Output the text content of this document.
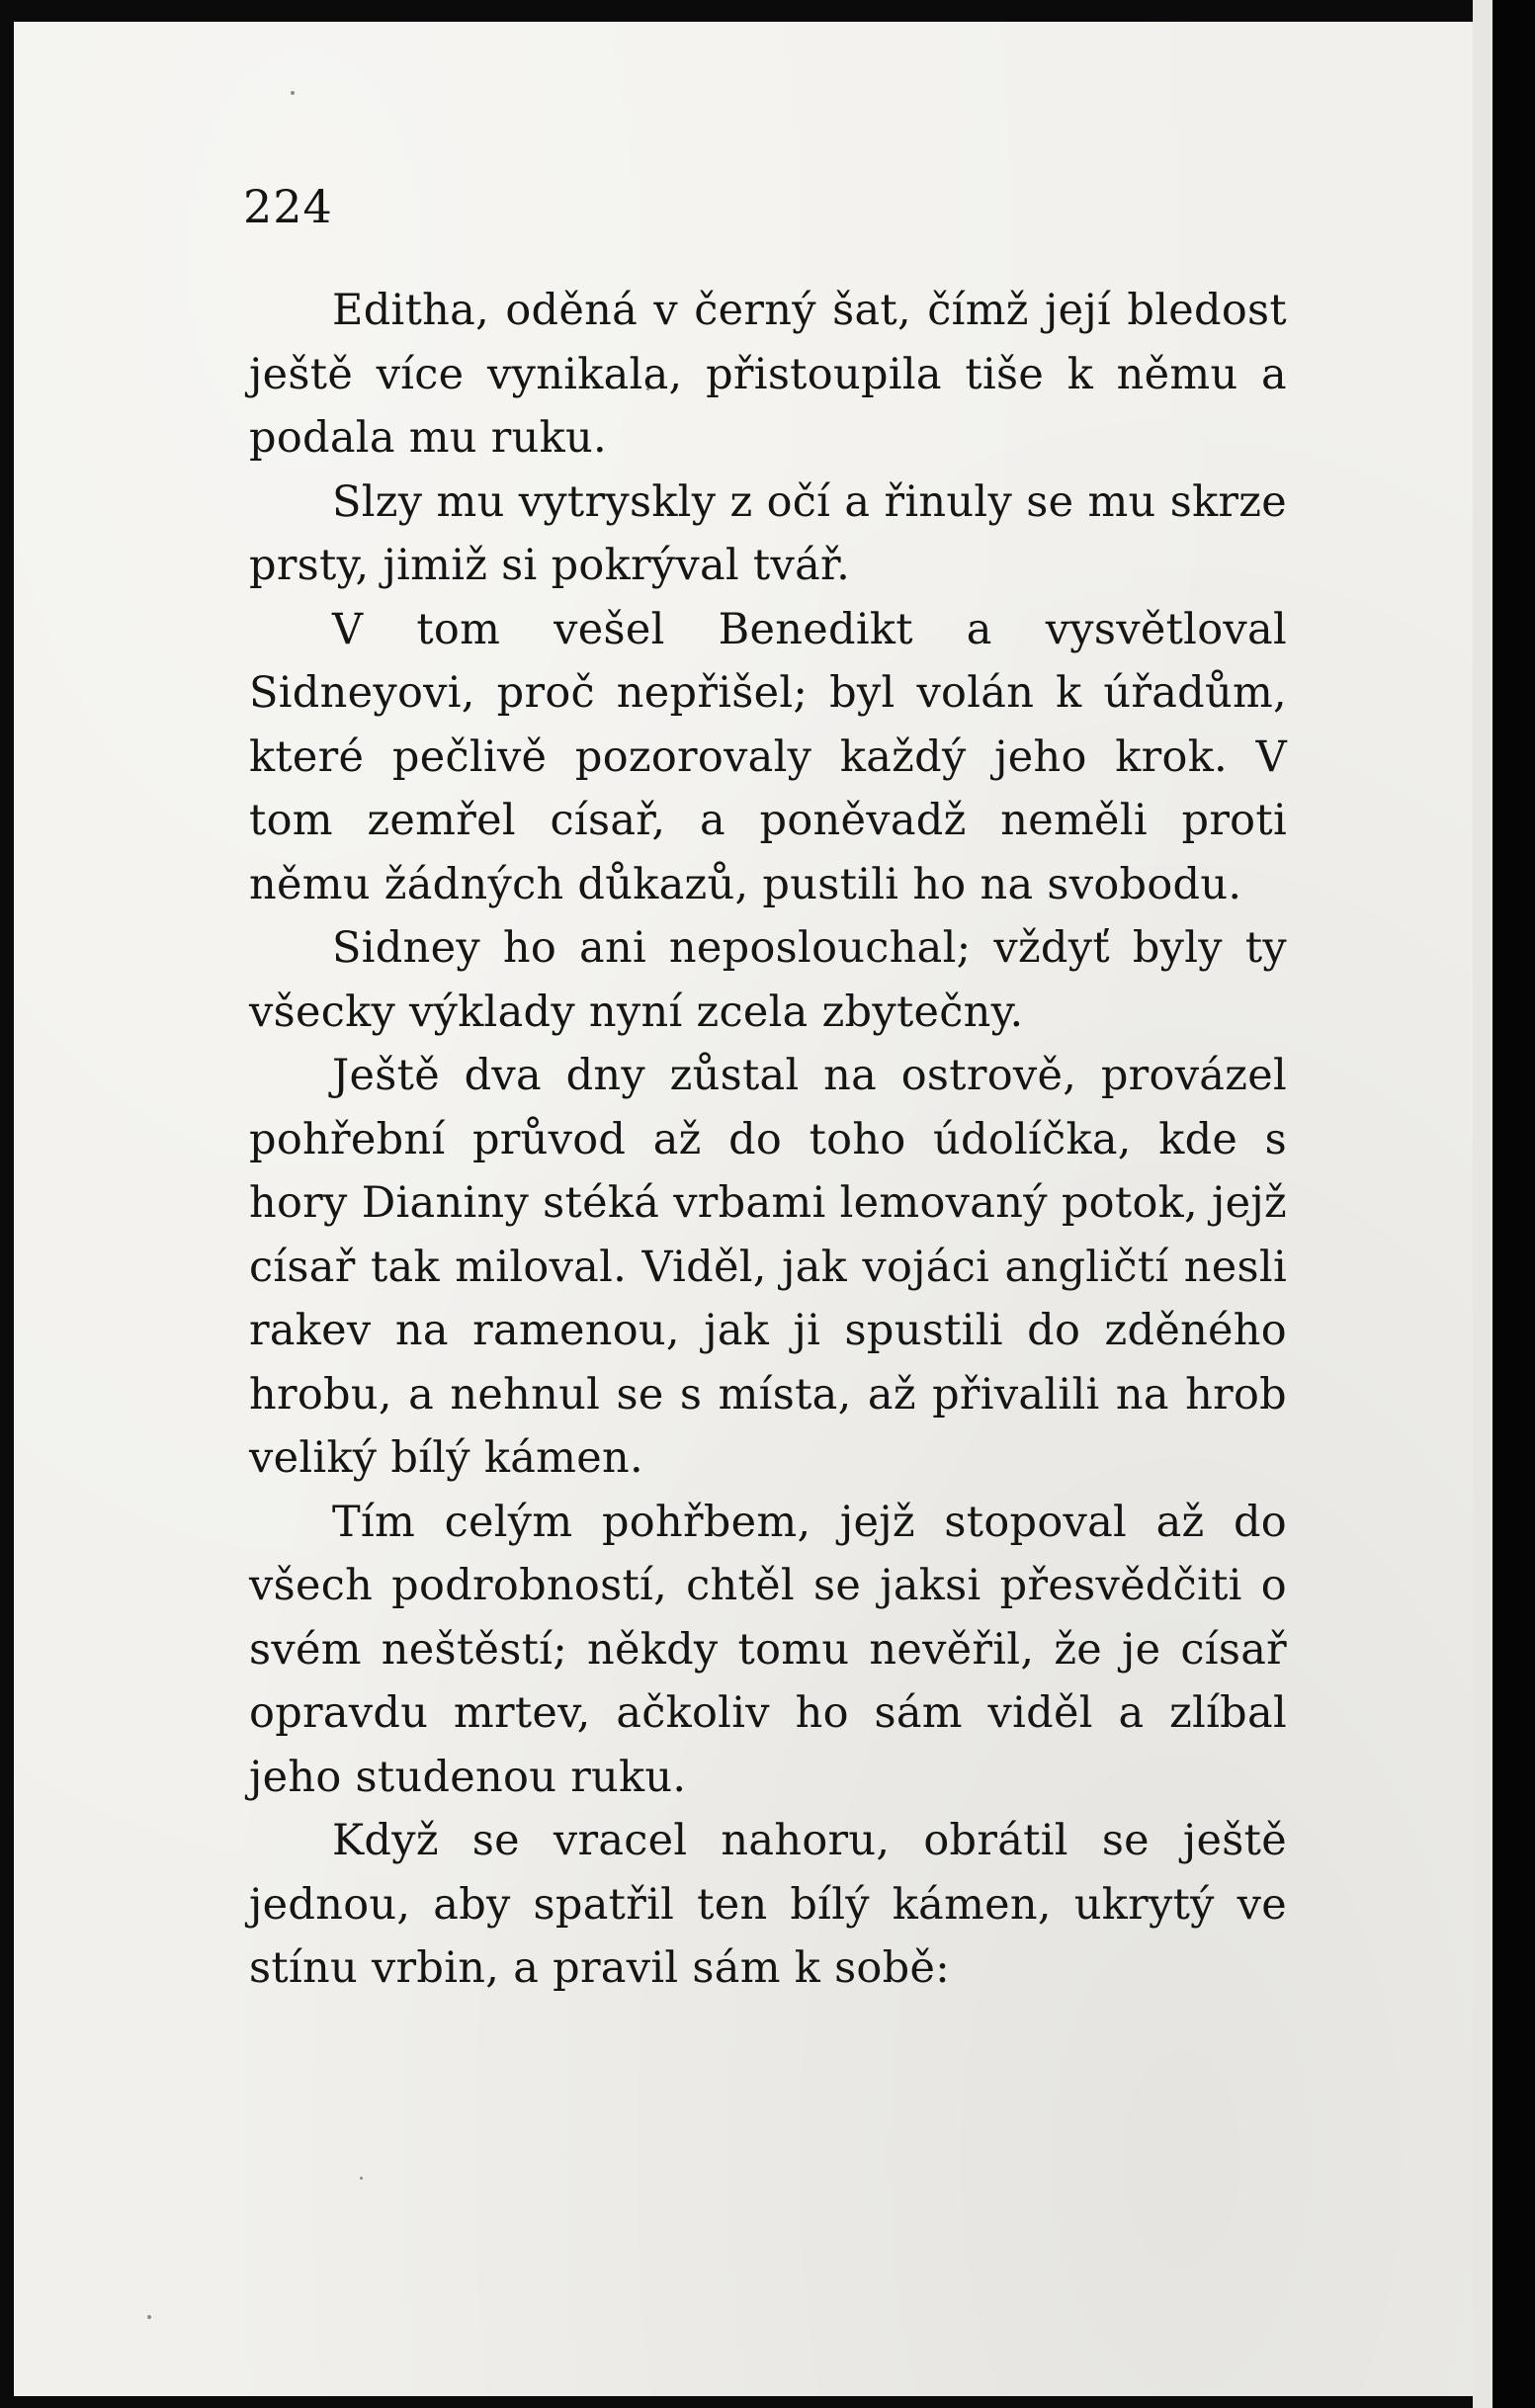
224

Editha, oděná v černý šat, čímž její bledost ještě více vynikala, přistoupila tiše k němu a podala mu ruku.

Slzy mu vytryskly z očí a řinuly se mu skrze prsty, jimiž si pokrýval tvář.

V tom vešel Benedikt a vysvětloval Sidneyovi, proč nepřišel; byl volán k úřadům, které pečlivě pozorovaly každý jeho krok. V tom zemřel císař, a poněvadž neměli proti němu žádných důkazů, pustili ho na svobodu.

Sidney ho ani neposlouchal; vždyť byly ty všecky výklady nyní zcela zbytečny.

Ještě dva dny zůstal na ostrově, provázel pohřební průvod až do toho údolíčka, kde s hory Dianiny stéká vrbami lemovaný potok, jejž císař tak miloval. Viděl, jak vojáci angličtí nesli rakev na ramenou, jak ji spustili do zděného hrobu, a nehnul se s místa, až přivalili na hrob veliký bílý kámen.

Tím celým pohřbem, jejž stopoval až do všech podrobností, chtěl se jaksi přesvědčiti o svém neštěstí; někdy tomu nevěřil, že je císař opravdu mrtev, ačkoliv ho sám viděl a zlíbal jeho studenou ruku.

Když se vracel nahoru, obrátil se ještě jednou, aby spatřil ten bílý kámen, ukrytý ve stínu vrbin, a pravil sám k sobě:
